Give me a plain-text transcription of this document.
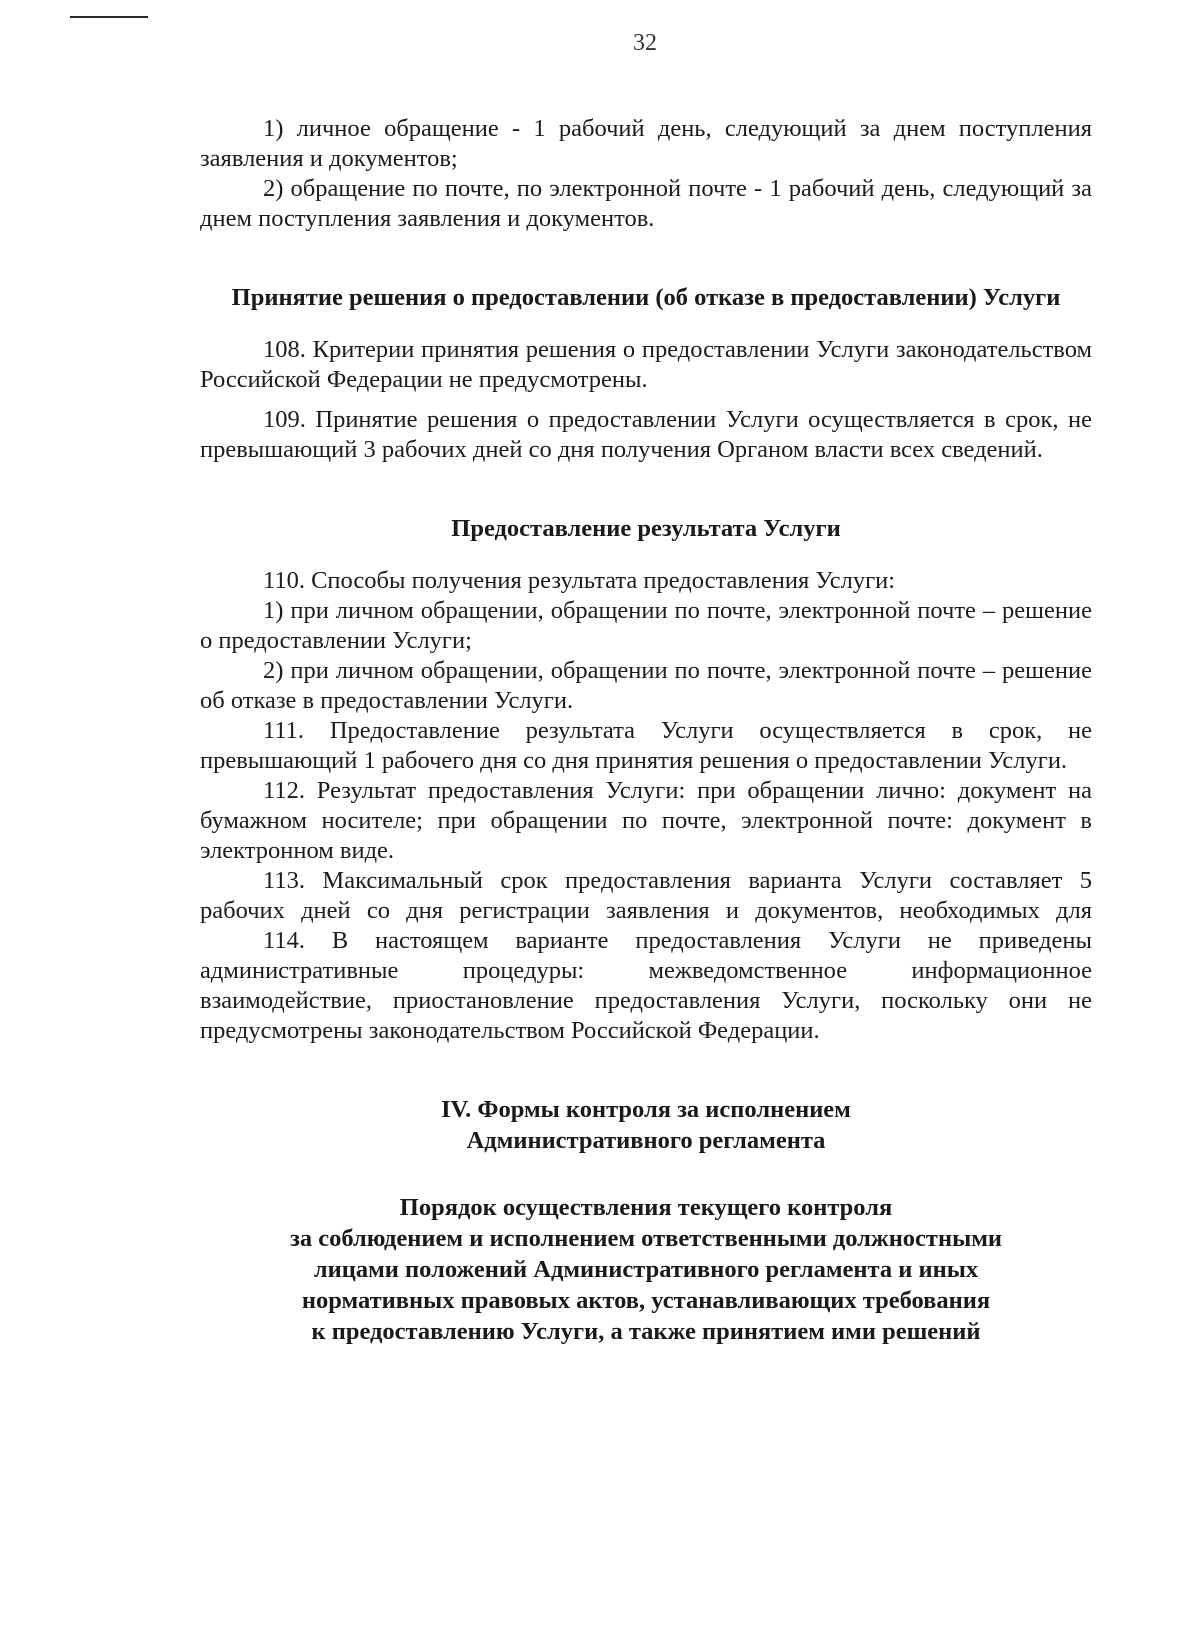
32

1) личное обращение - 1 рабочий день, следующий за днем поступления заявления и документов;

2) обращение по почте, по электронной почте - 1 рабочий день, следующий за днем поступления заявления и документов.

Принятие решения о предоставлении (об отказе в предоставлении) Услуги

108. Критерии принятия решения о предоставлении Услуги законодательством Российской Федерации не предусмотрены.

109. Принятие решения о предоставлении Услуги осуществляется в срок, не превышающий 3 рабочих дней со дня получения Органом власти всех сведений.

Предоставление результата Услуги

110. Способы получения результата предоставления Услуги:

1) при личном обращении, обращении по почте, электронной почте – решение о предоставлении Услуги;

2) при личном обращении, обращении по почте, электронной почте – решение об отказе в предоставлении Услуги.

111. Предоставление результата Услуги осуществляется в срок, не превышающий 1 рабочего дня со дня принятия решения о предоставлении Услуги.

112. Результат предоставления Услуги: при обращении лично: документ на бумажном носителе; при обращении по почте, электронной почте: документ в электронном виде.

113. Максимальный срок предоставления варианта Услуги составляет 5 рабочих дней со дня регистрации заявления и документов, необходимых для

114. В настоящем варианте предоставления Услуги не приведены административные процедуры: межведомственное информационное взаимодействие, приостановление предоставления Услуги, поскольку они не предусмотрены законодательством Российской Федерации.

IV. Формы контроля за исполнением
Административного регламента
Порядок осуществления текущего контроля
за соблюдением и исполнением ответственными должностными
лицами положений Административного регламента и иных
нормативных правовых актов, устанавливающих требования
к предоставлению Услуги, а также принятием ими решений
